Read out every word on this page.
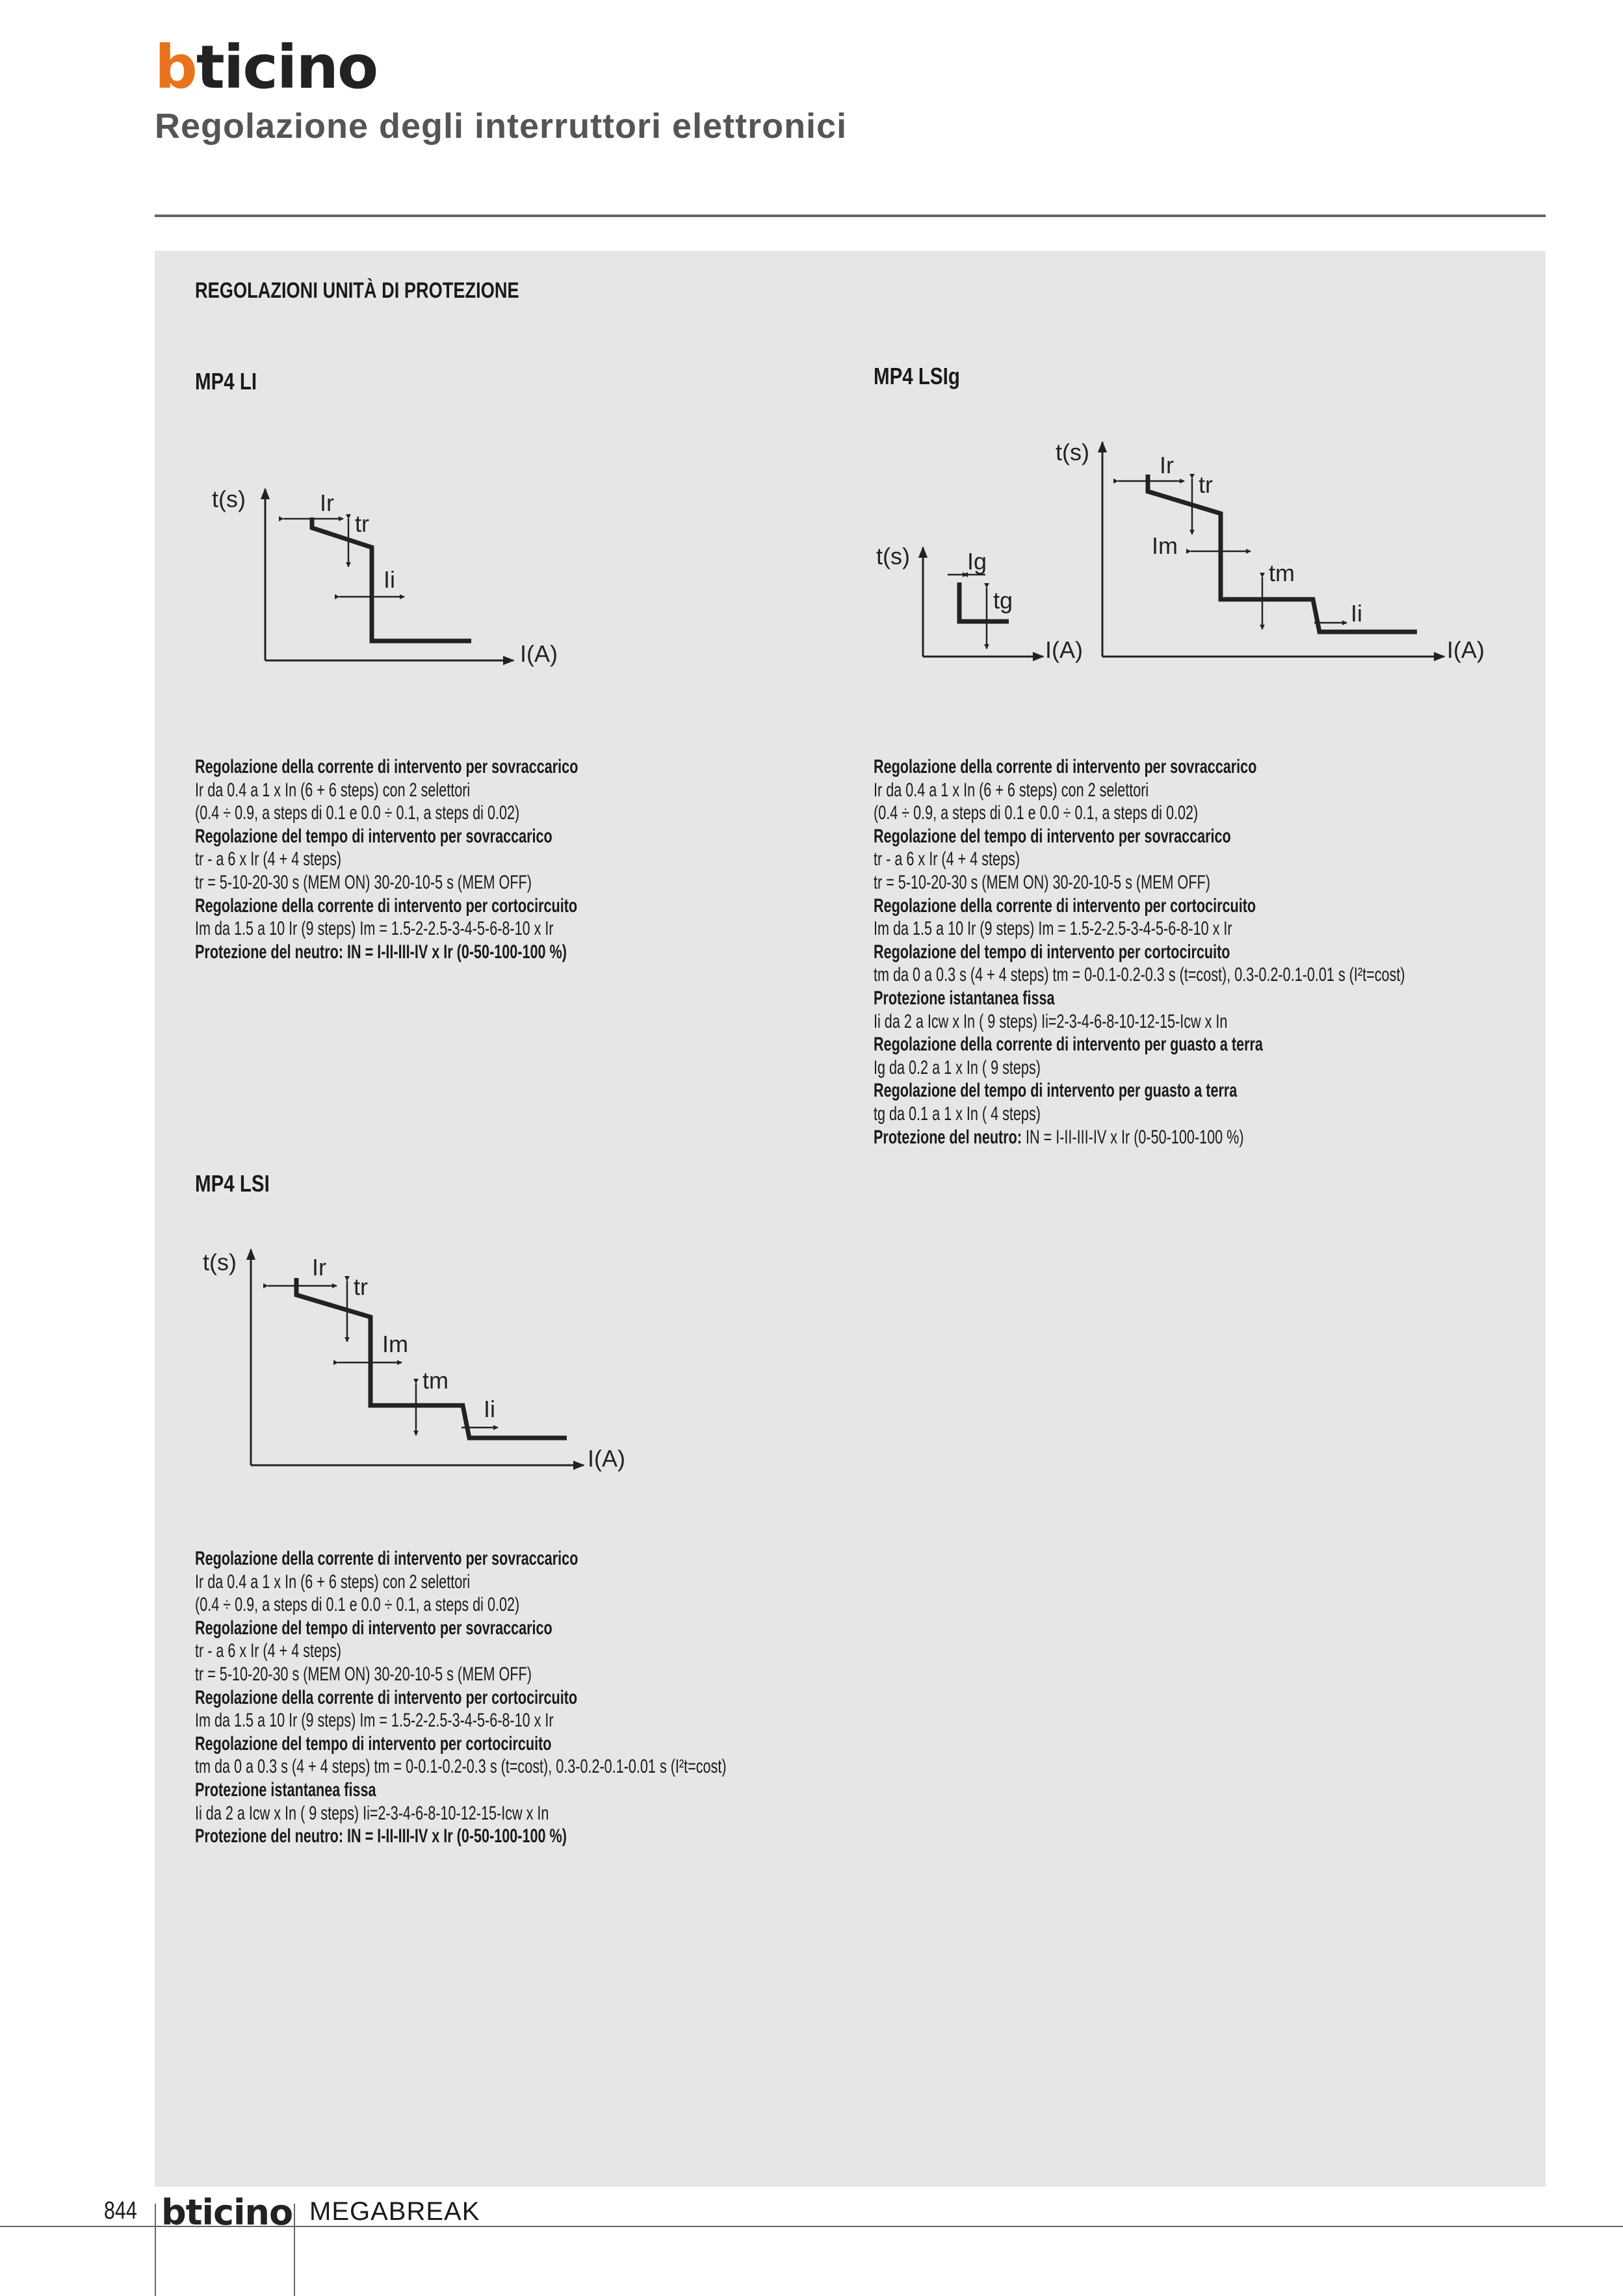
bticino
Regolazione degli interruttori elettronici
REGOLAZIONI UNITÀ DI PROTEZIONE
MP4 LI	MP4 LSIg
MP4 LSI
t(s)
I(A)
Ir
tr
Ii
t(s)
I(A)
Ig
tg
t(s)
I(A)
Ir
tr
Im
tm
Ii
t(s)
I(A)
Ir
tr
Im
tm
Ii
Regolazione della corrente di intervento per sovraccarico
Ir da 0.4 a 1 x In (6 + 6 steps) con 2 selettori
(0.4 ÷ 0.9, a steps di 0.1 e 0.0 ÷ 0.1, a steps di 0.02)
Regolazione del tempo di intervento per sovraccarico
tr - a 6 x Ir (4 + 4 steps)
tr = 5-10-20-30 s (MEM ON) 30-20-10-5 s (MEM OFF)
Regolazione della corrente di intervento per cortocircuito
Im da 1.5 a 10 Ir (9 steps) Im = 1.5-2-2.5-3-4-5-6-8-10 x Ir
Protezione del neutro: IN = I-II-III-IV x Ir (0-50-100-100 %)
Regolazione della corrente di intervento per sovraccarico
Ir da 0.4 a 1 x In (6 + 6 steps) con 2 selettori
(0.4 ÷ 0.9, a steps di 0.1 e 0.0 ÷ 0.1, a steps di 0.02)
Regolazione del tempo di intervento per sovraccarico
tr - a 6 x Ir (4 + 4 steps)
tr = 5-10-20-30 s (MEM ON) 30-20-10-5 s (MEM OFF)
Regolazione della corrente di intervento per cortocircuito
Im da 1.5 a 10 Ir (9 steps) Im = 1.5-2-2.5-3-4-5-6-8-10 x Ir
Regolazione del tempo di intervento per cortocircuito
tm da 0 a 0.3 s (4 + 4 steps) tm = 0-0.1-0.2-0.3 s (t=cost), 0.3-0.2-0.1-0.01 s (I²t=cost)
Protezione istantanea fissa
Ii da 2 a Icw x In ( 9 steps) Ii=2-3-4-6-8-10-12-15-Icw x In
Regolazione della corrente di intervento per guasto a terra
Ig da 0.2 a 1 x In ( 9 steps)
Regolazione del tempo di intervento per guasto a terra
tg da 0.1 a 1 x In ( 4 steps)
Protezione del neutro: IN = I-II-III-IV x Ir (0-50-100-100 %)
Regolazione della corrente di intervento per sovraccarico
Ir da 0.4 a 1 x In (6 + 6 steps) con 2 selettori
(0.4 ÷ 0.9, a steps di 0.1 e 0.0 ÷ 0.1, a steps di 0.02)
Regolazione del tempo di intervento per sovraccarico
tr - a 6 x Ir (4 + 4 steps)
tr = 5-10-20-30 s (MEM ON) 30-20-10-5 s (MEM OFF)
Regolazione della corrente di intervento per cortocircuito
Im da 1.5 a 10 Ir (9 steps) Im = 1.5-2-2.5-3-4-5-6-8-10 x Ir
Regolazione del tempo di intervento per cortocircuito
tm da 0 a 0.3 s (4 + 4 steps) tm = 0-0.1-0.2-0.3 s (t=cost), 0.3-0.2-0.1-0.01 s (I²t=cost)
Protezione istantanea fissa
Ii da 2 a Icw x In ( 9 steps) Ii=2-3-4-6-8-10-12-15-Icw x In
Protezione del neutro: IN = I-II-III-IV x Ir (0-50-100-100 %)
844 bticino MEGABREAK
